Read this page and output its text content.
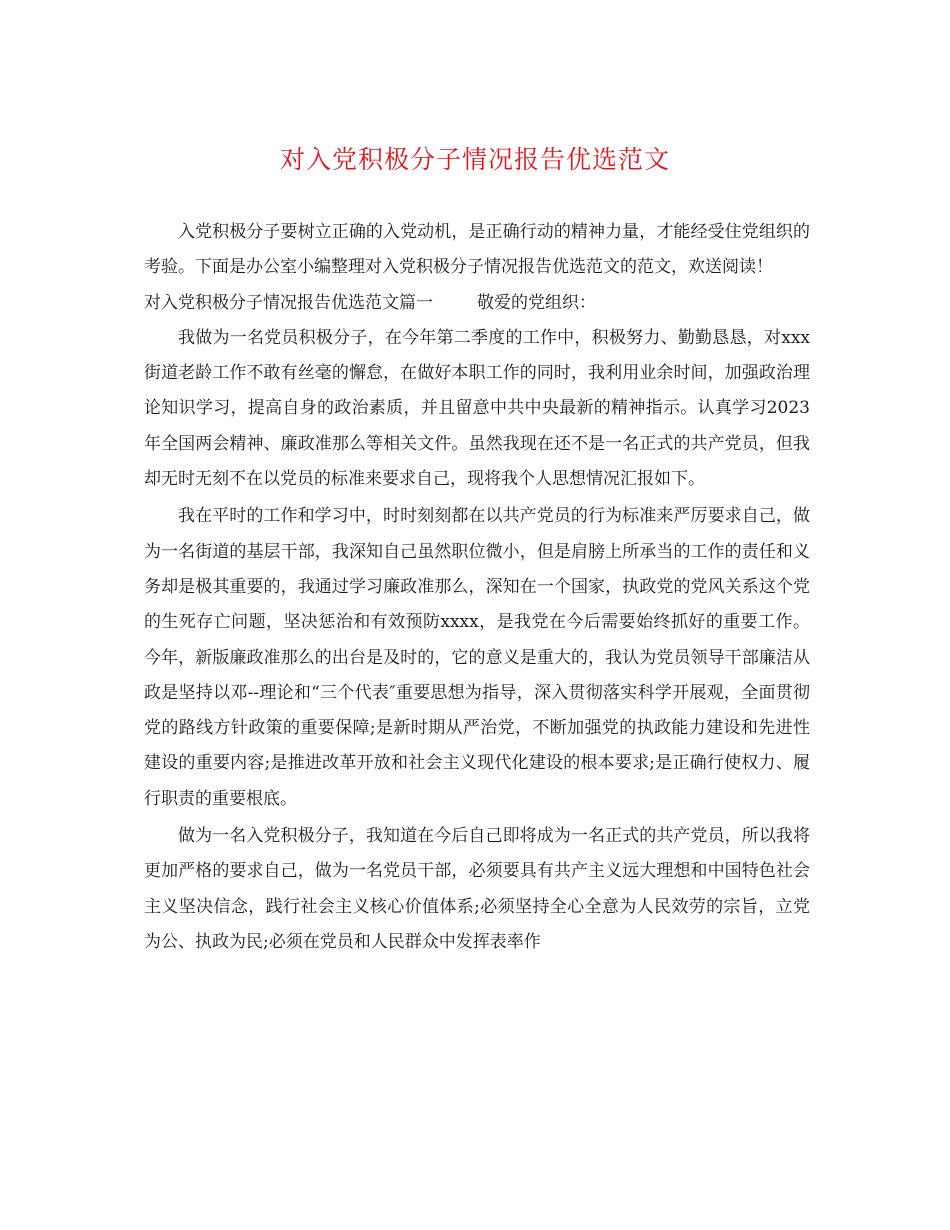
对入党积极分子情况报告优选范文

入党积极分子要树立正确的入党动机，是正确行动的精神力量，才能经受住党组织的考验。下面是办公室小编整理对入党积极分子情况报告优选范文的范文，欢送阅读！

对入党积极分子情况报告优选范文篇一	敬爱的党组织：

我做为一名党员积极分子，在今年第二季度的工作中，积极努力、勤勤恳恳，对xxx街道老龄工作不敢有丝毫的懈怠，在做好本职工作的同时，我利用业余时间，加强政治理论知识学习，提高自身的政治素质，并且留意中共中央最新的精神指示。认真学习2023年全国两会精神、廉政准那么等相关文件。虽然我现在还不是一名正式的共产党员，但我却无时无刻不在以党员的标准来要求自己，现将我个人思想情况汇报如下。

我在平时的工作和学习中，时时刻刻都在以共产党员的行为标准来严厉要求自己，做为一名街道的基层干部，我深知自己虽然职位微小，但是肩膀上所承当的工作的责任和义务却是极其重要的，我通过学习廉政准那么，深知在一个国家，执政党的党风关系这个党的生死存亡问题，坚决惩治和有效预防xxxx，是我党在今后需要始终抓好的重要工作。今年，新版廉政准那么的出台是及时的，它的意义是重大的，我认为党员领导干部廉洁从政是坚持以邓--理论和“三个代表″重要思想为指导，深入贯彻落实科学开展观，全面贯彻党的路线方针政策的重要保障;是新时期从严治党，不断加强党的执政能力建设和先进性建设的重要内容;是推进改革开放和社会主义现代化建设的根本要求;是正确行使权力、履行职责的重要根底。

做为一名入党积极分子，我知道在今后自己即将成为一名正式的共产党员，所以我将更加严格的要求自己，做为一名党员干部，必须要具有共产主义远大理想和中国特色社会主义坚决信念，践行社会主义核心价值体系;必须坚持全心全意为人民效劳的宗旨，立党为公、执政为民;必须在党员和人民群众中发挥表率作
